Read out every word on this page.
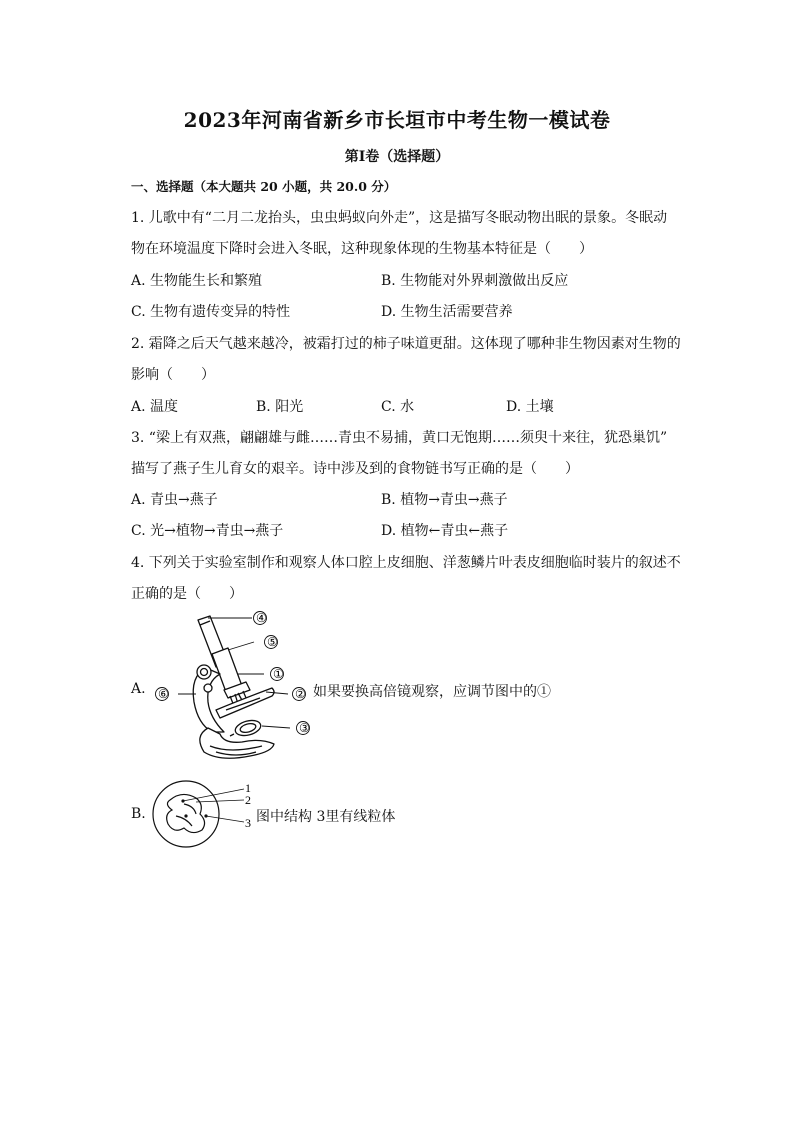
2023年河南省新乡市长垣市中考生物一模试卷
第I卷（选择题）
一、选择题（本大题共 20 小题，共 20.0 分）
1. 儿歌中有“二月二龙抬头，虫虫蚂蚁向外走”，这是描写冬眠动物出眠的景象。冬眠动
物在环境温度下降时会进入冬眠，这种现象体现的生物基本特征是（　　）
A. 生物能生长和繁殖	B. 生物能对外界刺激做出反应
C. 生物有遗传变异的特性	D. 生物生活需要营养
2. 霜降之后天气越来越冷，被霜打过的柿子味道更甜。这体现了哪种非生物因素对生物的
影响（　　）
A. 温度	B. 阳光	C. 水	D. 土壤
3. “梁上有双燕，翩翩雄与雌……青虫不易捕，黄口无饱期……须臾十来往，犹恐巢饥”
描写了燕子生儿育女的艰辛。诗中涉及到的食物链书写正确的是（　　）
A. 青虫→燕子	B. 植物→青虫→燕子
C. 光→植物→青虫→燕子	D. 植物←青虫←燕子
4. 下列关于实验室制作和观察人体口腔上皮细胞、洋葱鳞片叶表皮细胞临时装片的叙述不
正确的是（　　）
A.
④
⑤
①
⑥	②
③
如果要换高倍镜观察，应调节图中的①
B.
1
2
3 图中结构 3里有线粒体
